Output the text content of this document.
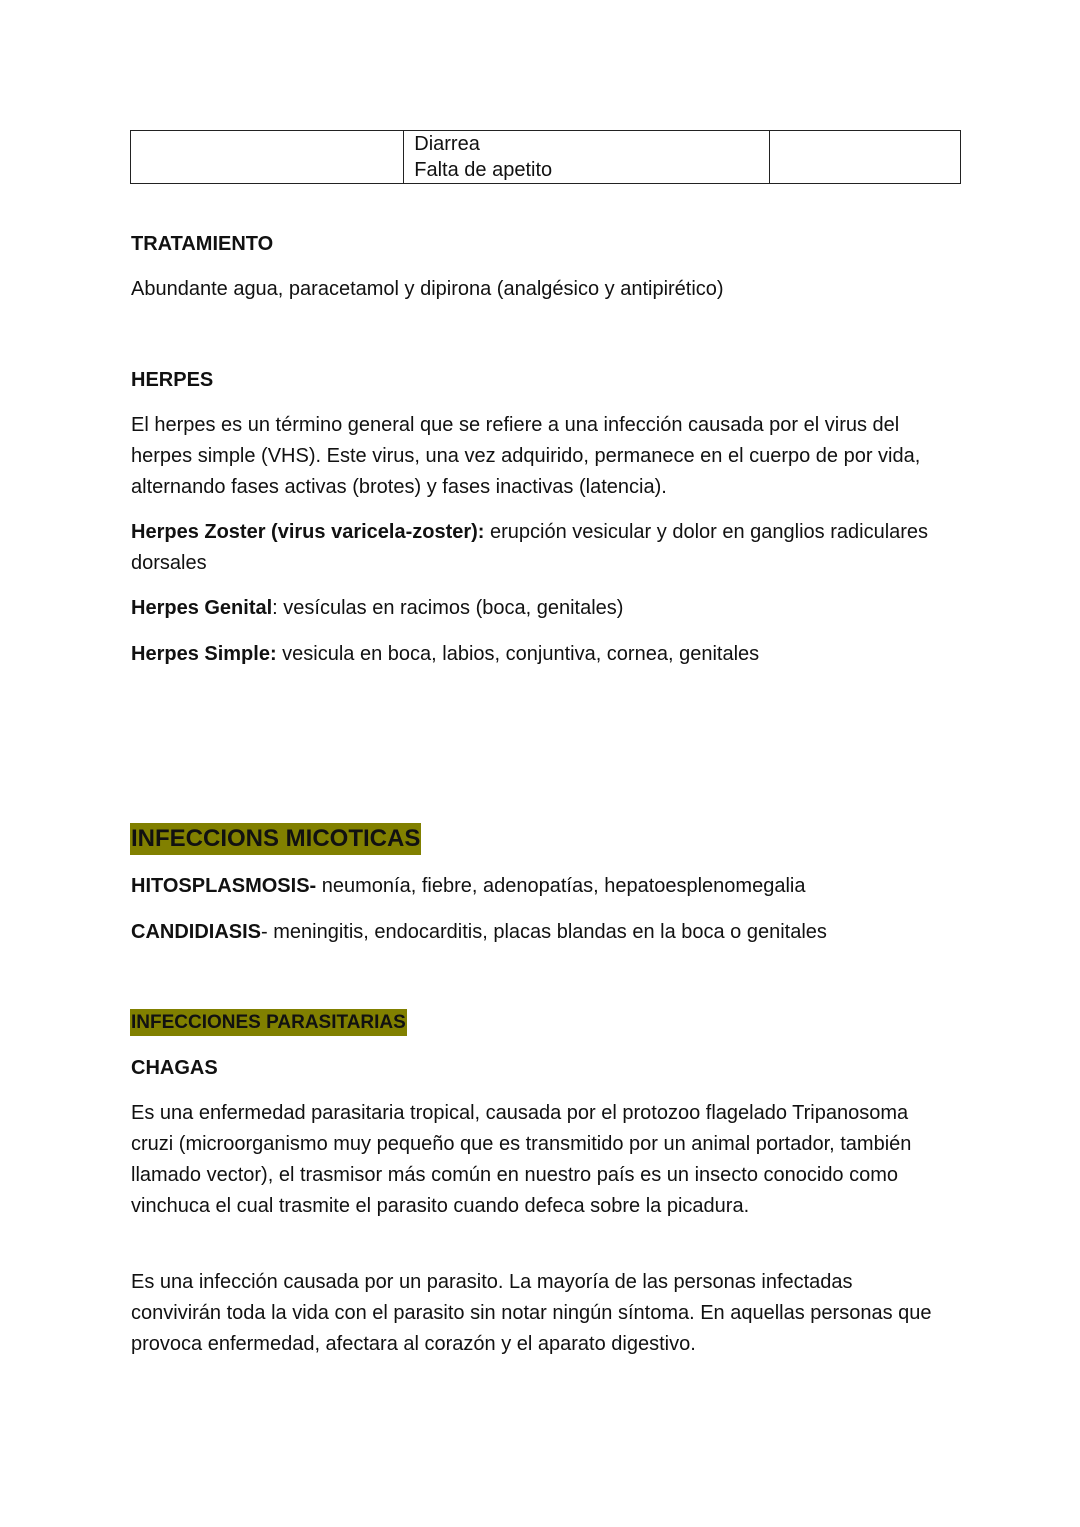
Diarrea
Falta de apetito

TRATAMIENTO

Abundante agua, paracetamol y dipirona (analgésico y antipirético)

HERPES

El herpes es un término general que se refiere a una infección causada por el virus del herpes simple (VHS). Este virus, una vez adquirido, permanece en el cuerpo de por vida, alternando fases activas (brotes) y fases inactivas (latencia).

Herpes Zoster (virus varicela-zoster): erupción vesicular y dolor en ganglios radiculares dorsales

Herpes Genital: vesículas en racimos (boca, genitales)

Herpes Simple: vesicula en boca, labios, conjuntiva, cornea, genitales

INFECCIONS MICOTICAS

HITOSPLASMOSIS- neumonía, fiebre, adenopatías, hepatoesplenomegalia

CANDIDIASIS- meningitis, endocarditis, placas blandas en la boca o genitales

INFECCIONES PARASITARIAS

CHAGAS

Es una enfermedad parasitaria tropical, causada por el protozoo flagelado Tripanosoma cruzi (microorganismo muy pequeño que es transmitido por un animal portador, también llamado vector), el trasmisor más común en nuestro país es un insecto conocido como vinchuca el cual trasmite el parasito cuando defeca sobre la picadura.

Es una infección causada por un parasito. La mayoría de las personas infectadas convivirán toda la vida con el parasito sin notar ningún síntoma. En aquellas personas que provoca enfermedad, afectara al corazón y el aparato digestivo.
